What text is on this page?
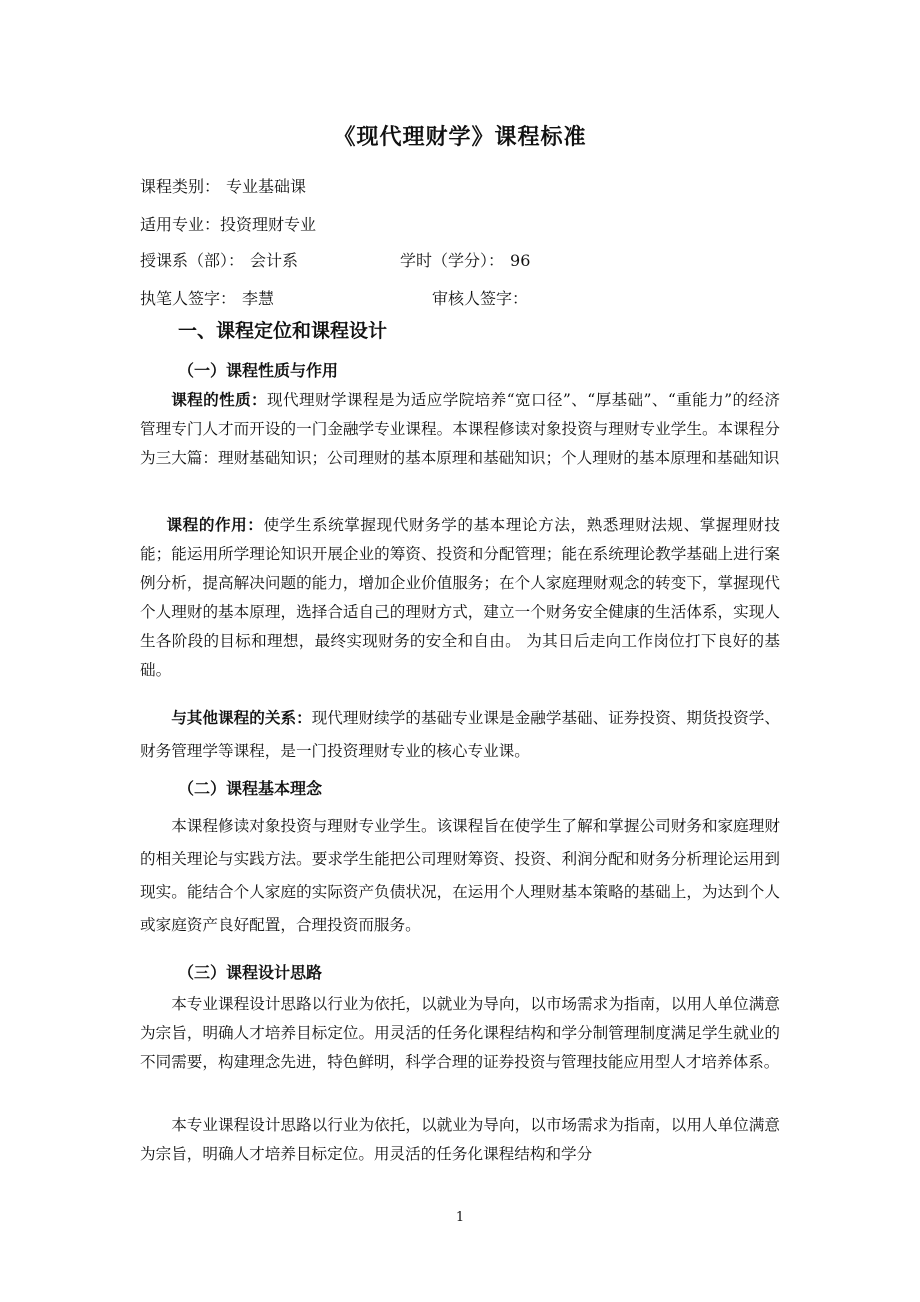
《现代理财学》课程标准
课程类别： 专业基础课
适用专业：投资理财专业
授课系（部）： 会计系	学时（学分）： 96
执笔人签字： 李慧	审核人签字：
一、课程定位和课程设计
（一）课程性质与作用
课程的性质：现代理财学课程是为适应学院培养“宽口径”、“厚基础”、“重能力”的经济管理专门人才而开设的一门金融学专业课程。本课程修读对象投资与理财专业学生。本课程分为三大篇：理财基础知识；公司理财的基本原理和基础知识；个人理财的基本原理和基础知识
课程的作用：使学生系统掌握现代财务学的基本理论方法，熟悉理财法规、掌握理财技能；能运用所学理论知识开展企业的筹资、投资和分配管理；能在系统理论教学基础上进行案例分析，提高解决问题的能力，增加企业价值服务；在个人家庭理财观念的转变下，掌握现代个人理财的基本原理，选择合适自己的理财方式，建立一个财务安全健康的生活体系，实现人生各阶段的目标和理想，最终实现财务的安全和自由。 为其日后走向工作岗位打下良好的基础。
与其他课程的关系：现代理财续学的基础专业课是金融学基础、证券投资、期货投资学、财务管理学等课程，是一门投资理财专业的核心专业课。
（二）课程基本理念
本课程修读对象投资与理财专业学生。该课程旨在使学生了解和掌握公司财务和家庭理财的相关理论与实践方法。要求学生能把公司理财筹资、投资、利润分配和财务分析理论运用到现实。能结合个人家庭的实际资产负债状况，在运用个人理财基本策略的基础上，为达到个人或家庭资产良好配置，合理投资而服务。
（三）课程设计思路
本专业课程设计思路以行业为依托，以就业为导向，以市场需求为指南，以用人单位满意为宗旨，明确人才培养目标定位。用灵活的任务化课程结构和学分制管理制度满足学生就业的不同需要，构建理念先进，特色鲜明，科学合理的证券投资与管理技能应用型人才培养体系。
本专业课程设计思路以行业为依托，以就业为导向，以市场需求为指南，以用人单位满意为宗旨，明确人才培养目标定位。用灵活的任务化课程结构和学分
1
